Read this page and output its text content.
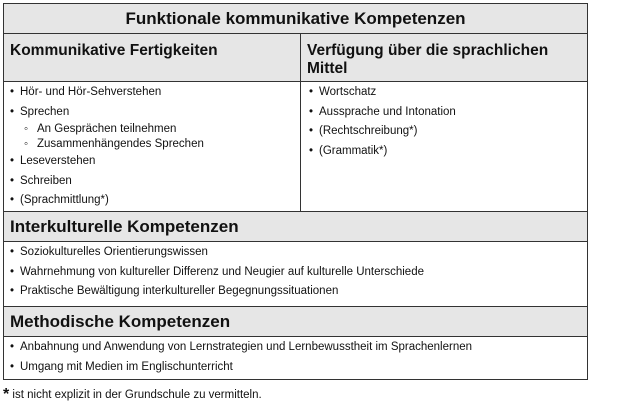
Funktionale kommunikative Kompetenzen
Kommunikative Fertigkeiten	Verfügung über die sprachlichen Mittel
• Hör- und Hör-Sehverstehen
• Sprechen
◦ An Gesprächen teilnehmen
◦ Zusammenhängendes Sprechen
• Leseverstehen
• Schreiben
• (Sprachmittlung*)
• Wortschatz
• Aussprache und Intonation
• (Rechtschreibung*)
• (Grammatik*)
Interkulturelle Kompetenzen
• Soziokulturelles Orientierungswissen
• Wahrnehmung von kultureller Differenz und Neugier auf kulturelle Unterschiede
• Praktische Bewältigung interkultureller Begegnungssituationen
Methodische Kompetenzen
• Anbahnung und Anwendung von Lernstrategien und Lernbewusstheit im Sprachenlernen
• Umgang mit Medien im Englischunterricht
* ist nicht explizit in der Grundschule zu vermitteln.
